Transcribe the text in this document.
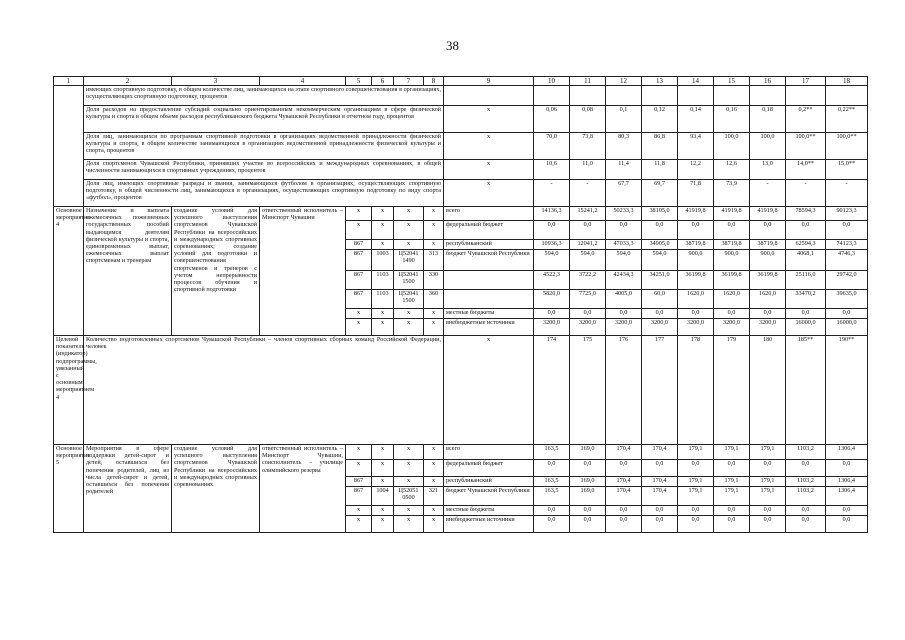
38
1	2	3	4	5	6	7	8	9	10	11	12	13	14	15	16	17	18
	имеющих спортивную подготовку, в общем количестве лиц, занимающихся на этапе спортивного совершенствования в организациях, осуществляющих спортивную подготовку, процентов																
	Доля расходов на предоставление субсидий социально ориентированным некоммерческим организациям в сфере физической культуры и спорта в общем объеме расходов республиканского бюджета Чувашской Республики в отчетном году, процентов							х	0,06	0,08	0,1	0,12	0,14	0,16	0,18	0,2**	0,22**
	Доля лиц, занимающихся по программам спортивной подготовки в организациях ведомственной принадлежности физической культуры и спорта, в общем количестве занимающихся в организациях ведомственной принадлежности физической культуры и спорта, процентов							х	70,0	73,8	80,3	86,8	93,4	100,0	100,0	100,0**	100,0**
	Доля спортсменов Чувашской Республики, принявших участие во всероссийских и международных соревнованиях, в общей численности занимающихся в спортивных учреждениях, процентов							х	10,6	11,0	11,4	11,8	12,2	12,6	13,0	14,0**	15,0**
	Доля лиц, имеющих спортивные разряды и звания, занимающихся футболом в организациях, осуществляющих спортивную подготовку, в общей численности лиц, занимающихся в организациях, осуществляющих спортивную подготовку по виду спорта «футбол», процентов							х	-	-	67,7	69,7	71,8	73,9	-	-	-
Основное мероприятие 4	Назначение и выплата ежемесячных пожизненных государственных пособий выдающимся деятелям физической культуры и спорта, единовременных выплат, ежемесячных выплат спортсменам и тренерам	создание условий для успешного выступления спортсменов Чувашской Республики на всероссийских и международных спортивных соревнованиях; создание условий для подготовки и совершенствования спортсменов и тренеров с учетом непрерывности процессов обучения и спортивной подготовки	ответственный исполнитель – Минспорт Чувашии	х	х	х	х	всего	14136,3	15241,2	50233,3	38105,0	41919,8	41919,8	41919,8	78594,3	90123,3
				х	х	х	х	федеральный бюджет	0,0	0,0	0,0	0,0	0,0	0,0	0,0	0,0	0,0
				867	х	х	х	республиканский	10936,3	12041,2	47033,3	34905,0	38719,8	38719,8	38719,8	62594,3	74123,3
				867	1003	Ц52041 1490	313	бюджет Чувашской Республики	594,0	594,0	594,0	594,0	900,0	900,0	900,0	4068,1	4746,3
				867	1103	Ц52041 1500	330		4522,3	3722,2	42434,3	34251,0	36199,8	36199,8	36199,8	25116,0	29742,0
				867	1103	Ц52041 1500	360		5820,0	7725,0	4005,0	60,0	1620,0	1620,0	1620,0	33470,2	39635,0
				х	х	х	х	местные бюджеты	0,0	0,0	0,0	0,0	0,0	0,0	0,0	0,0	0,0
				х	х	х	х	внебюджетные источники	3200,0	3200,0	3200,0	3200,0	3200,0	3200,0	3200,0	16000,0	16000,0
Целевой показатель (индикатор) подпрограммы, увязанный с основным мероприятием 4	Количество подготовленных спортсменов Чувашской Республики – членов спортивных сборных команд Российской Федерации, человек							х	174	175	176	177	178	179	180	185**	190**
Основное мероприятие 5	Мероприятия в сфере поддержки детей-сирот и детей, оставшихся без попечения родителей, лиц из числа детей-сирот и детей, оставшихся без попечения родителей	создание условий для успешного выступления спортсменов Чувашской Республики на всероссийских и международных спортивных соревнованиях	ответственный исполнитель – Минспорт Чувашии, соисполнитель – училище олимпийского резерва	х	х	х	х	всего	163,5	169,0	170,4	170,4	179,1	179,1	179,1	1103,2	1306,4
				х	х	х	х	федеральный бюджет	0,0	0,0	0,0	0,0	0,0	0,0	0,0	0,0	0,0
				867	х	х	х	республиканский	163,5	169,0	170,4	170,4	179,1	179,1	179,1	1103,2	1306,4
				867	1004	Ц52051 0500	321	бюджет Чувашской Республики	163,5	169,0	170,4	170,4	179,1	179,1	179,1	1103,2	1306,4
				х	х	х	х	местные бюджеты	0,0	0,0	0,0	0,0	0,0	0,0	0,0	0,0	0,0
				х	х	х	х	внебюджетные источники	0,0	0,0	0,0	0,0	0,0	0,0	0,0	0,0	0,0
